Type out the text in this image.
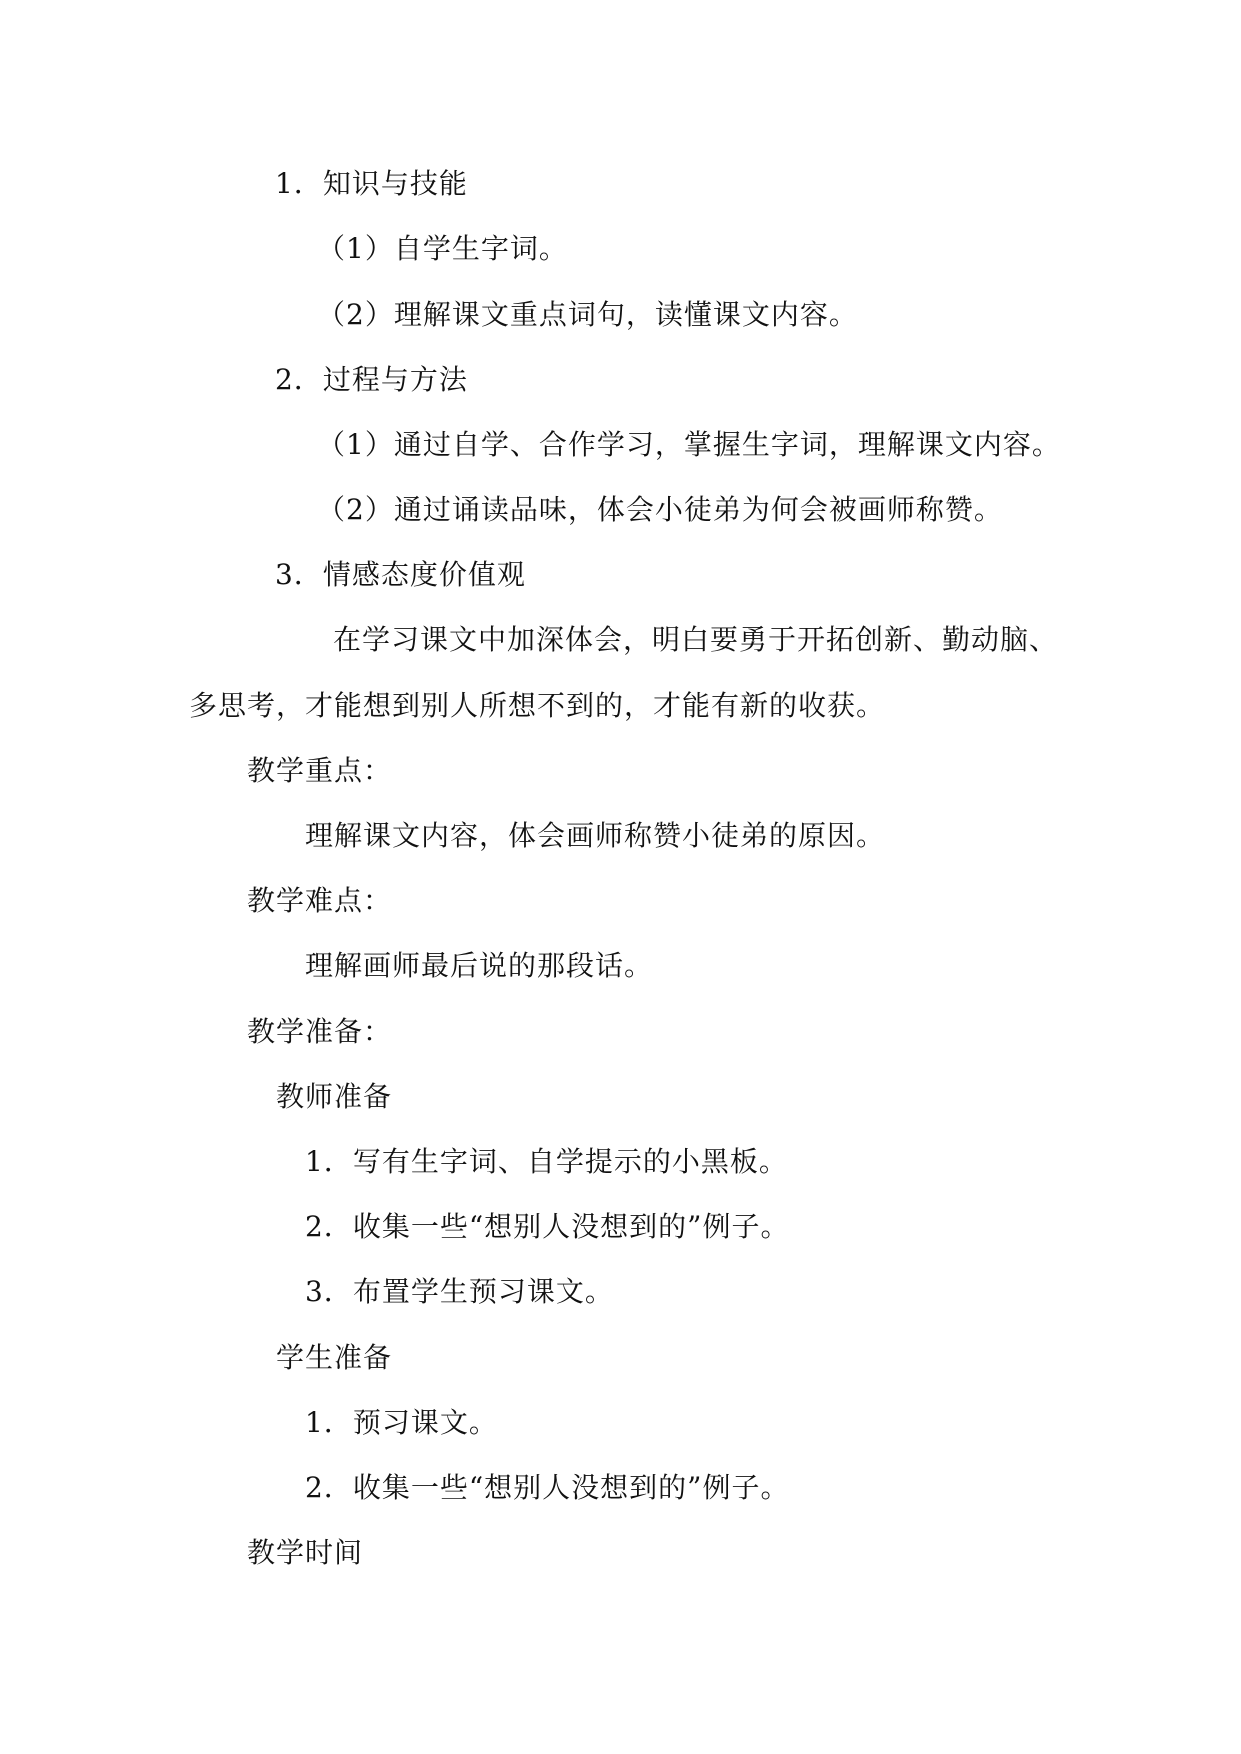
1．知识与技能
（1）自学生字词。
（2）理解课文重点词句，读懂课文内容。
2．过程与方法
（1）通过自学、合作学习，掌握生字词，理解课文内容。
（2）通过诵读品味，体会小徒弟为何会被画师称赞。
3．情感态度价值观
在学习课文中加深体会，明白要勇于开拓创新、勤动脑、
多思考，才能想到别人所想不到的，才能有新的收获。
教学重点：
理解课文内容，体会画师称赞小徒弟的原因。
教学难点：
理解画师最后说的那段话。
教学准备：
教师准备
1．写有生字词、自学提示的小黑板。
2．收集一些“想别人没想到的”例子。
3．布置学生预习课文。
学生准备
1．预习课文。
2．收集一些“想别人没想到的”例子。
教学时间
